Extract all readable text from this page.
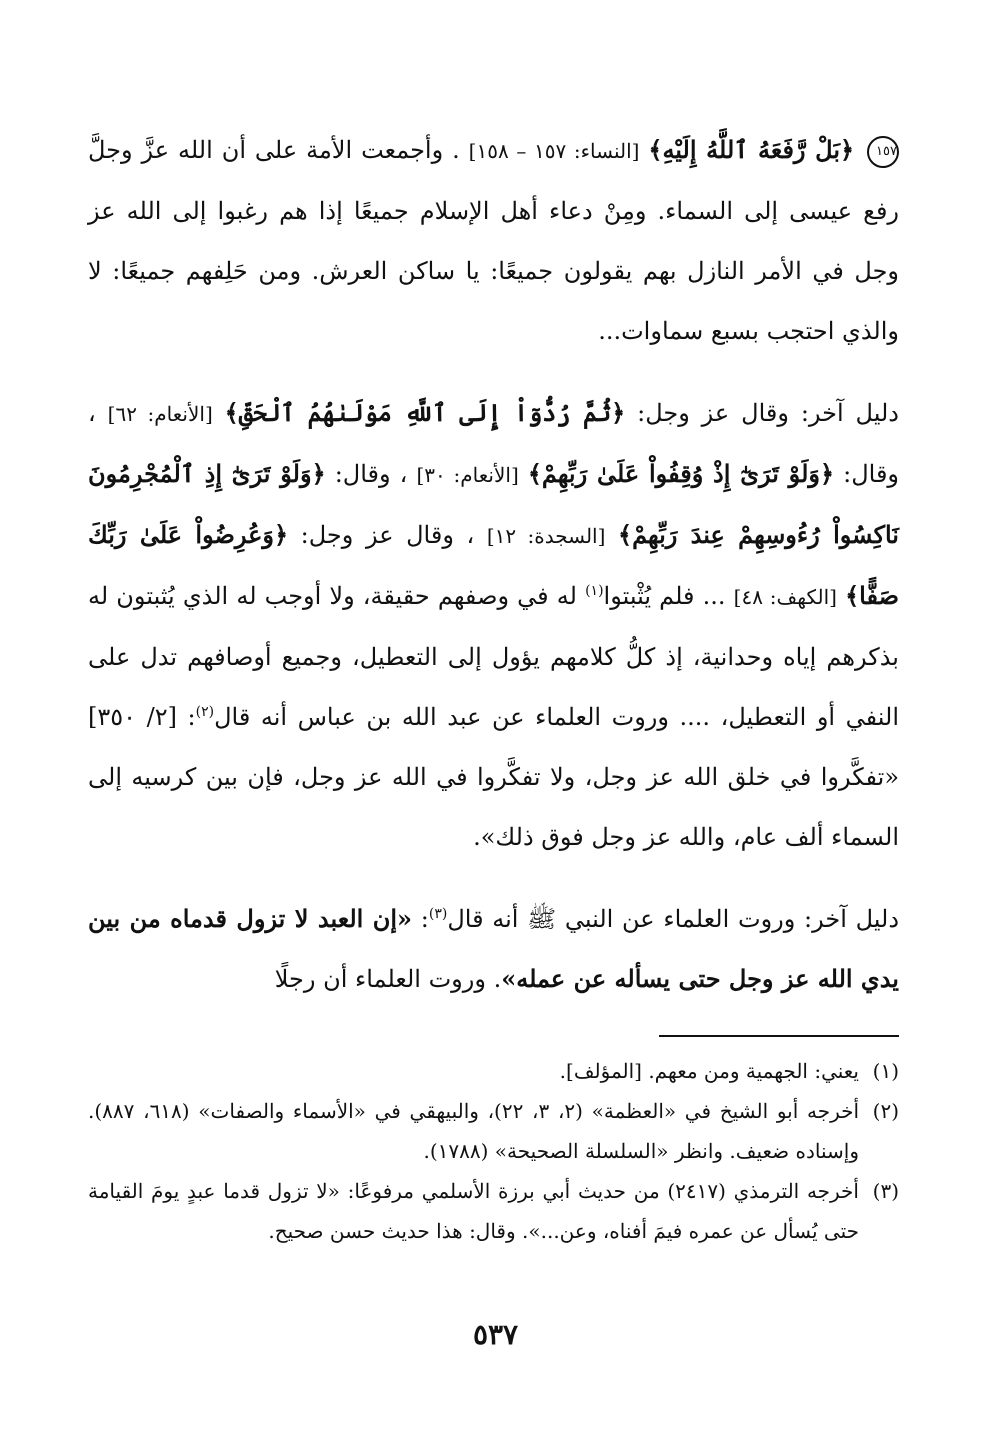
١٥٧ ﴿بَلْ رَّفَعَهُ ٱللَّهُ إِلَيْهِ﴾ [النساء: ١٥٧ – ١٥٨] . وأجمعت الأمة على أن الله عزَّ وجلَّ رفع عيسى إلى السماء. ومِنْ دعاء أهل الإسلام جميعًا إذا هم رغبوا إلى الله عز وجل في الأمر النازل بهم يقولون جميعًا: يا ساكن العرش. ومن حَلِفهم جميعًا: لا والذي احتجب بسبع سماوات...

دليل آخر: وقال عز وجل: ﴿ثُمَّ رُدُّوٓاْ إِلَى ٱللَّهِ مَوْلَىٰهُمُ ٱلْحَقِّ﴾ [الأنعام: ٦٢] ، وقال: ﴿وَلَوْ تَرَىٰٓ إِذْ وُقِفُواْ عَلَىٰ رَبِّهِمْ﴾ [الأنعام: ٣٠] ، وقال: ﴿وَلَوْ تَرَىٰٓ إِذِ ٱلْمُجْرِمُونَ نَاكِسُواْ رُءُوسِهِمْ عِندَ رَبِّهِمْ﴾ [السجدة: ١٢] ، وقال عز وجل: ﴿وَعُرِضُواْ عَلَىٰ رَبِّكَ صَفًّا﴾ [الكهف: ٤٨] ... فلم يُثْبتوا$^{(١)}$ له في وصفهم حقيقة، ولا أوجب له الذي يُثبتون له بذكرهم إياه وحدانية، إذ كلُّ كلامهم يؤول إلى التعطيل، وجميع أوصافهم تدل على النفي أو التعطيل، .... وروت العلماء عن عبد الله بن عباس أنه قال$^{(٢)}$: [٢/ ٣٥٠] «تفكَّروا في خلق الله عز وجل، ولا تفكَّروا في الله عز وجل، فإن بين كرسيه إلى السماء ألف عام، والله عز وجل فوق ذلك».

دليل آخر: وروت العلماء عن النبي ﷺ أنه قال$^{(٣)}$: «إن العبد لا تزول قدماه من بين يدي الله عز وجل حتى يسأله عن عمله». وروت العلماء أن رجلًا

(١)
يعني: الجهمية ومن معهم. [المؤلف].
(٢)
أخرجه أبو الشيخ في «العظمة» (٢، ٣، ٢٢)، والبيهقي في «الأسماء والصفات» (٦١٨، ٨٨٧). وإسناده ضعيف. وانظر «السلسلة الصحيحة» (١٧٨٨).
(٣)
أخرجه الترمذي (٢٤١٧) من حديث أبي برزة الأسلمي مرفوعًا: «لا تزول قدما عبدٍ يومَ القيامة حتى يُسأل عن عمره فيمَ أفناه، وعن...». وقال: هذا حديث حسن صحيح.
٥٣٧
